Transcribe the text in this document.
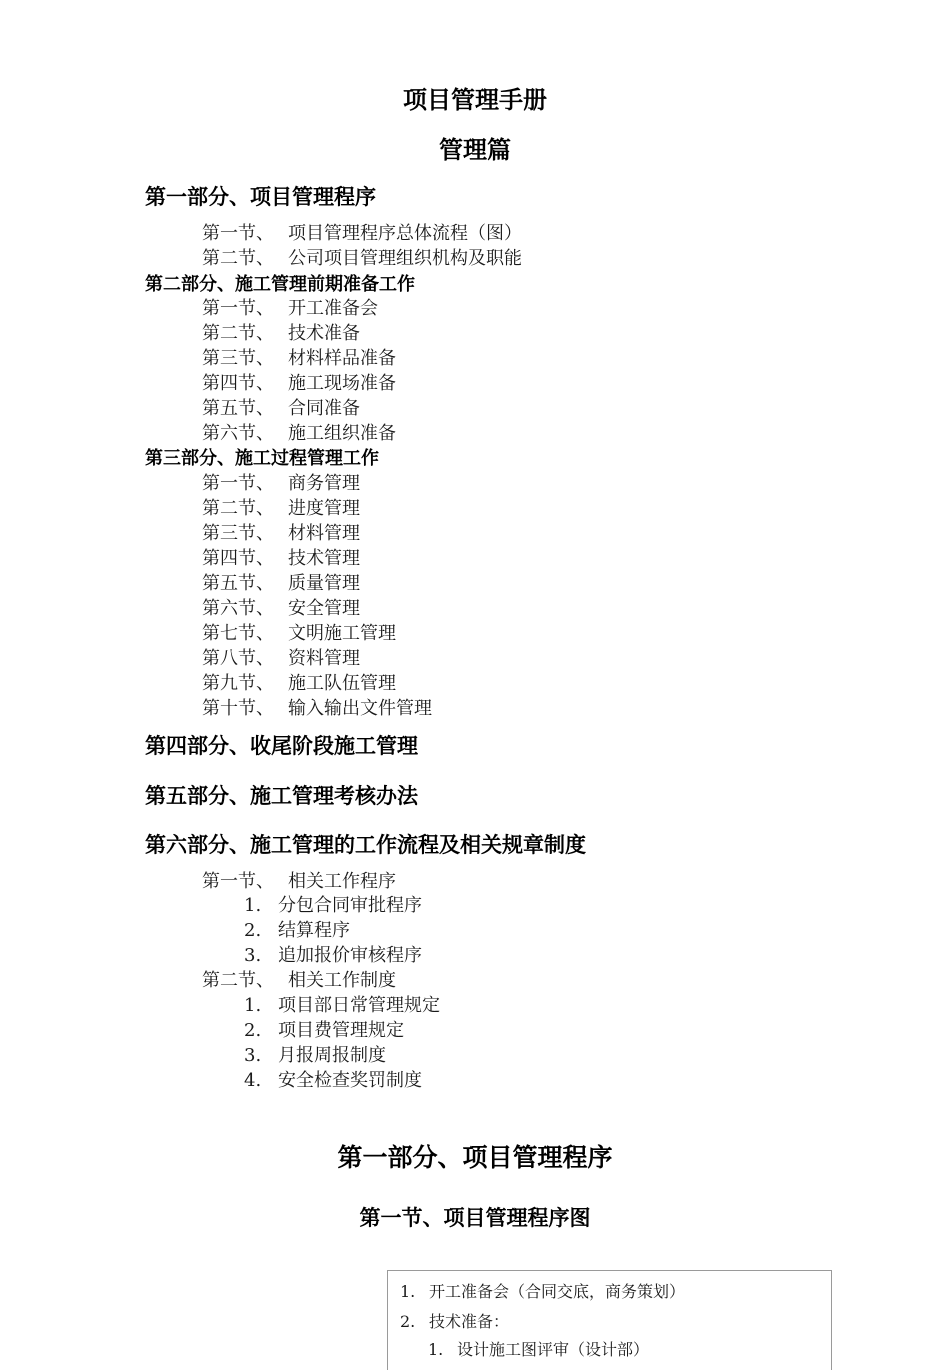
项目管理手册
管理篇
第一部分、项目管理程序
第一节、 项目管理程序总体流程（图）
第二节、 公司项目管理组织机构及职能
第二部分、施工管理前期准备工作
第一节、 开工准备会
第二节、 技术准备
第三节、 材料样品准备
第四节、 施工现场准备
第五节、 合同准备
第六节、 施工组织准备
第三部分、施工过程管理工作
第一节、 商务管理
第二节、 进度管理
第三节、 材料管理
第四节、 技术管理
第五节、 质量管理
第六节、 安全管理
第七节、 文明施工管理
第八节、 资料管理
第九节、 施工队伍管理
第十节、 输入输出文件管理
第四部分、收尾阶段施工管理
第五部分、施工管理考核办法
第六部分、施工管理的工作流程及相关规章制度
第一节、 相关工作程序
1. 分包合同审批程序
2. 结算程序
3. 追加报价审核程序
第二节、 相关工作制度
1. 项目部日常管理规定
2. 项目费管理规定
3. 月报周报制度
4. 安全检查奖罚制度
第一部分、项目管理程序
第一节、项目管理程序图
1. 开工准备会（合同交底，商务策划）
2. 技术准备：
1. 设计施工图评审（设计部）
